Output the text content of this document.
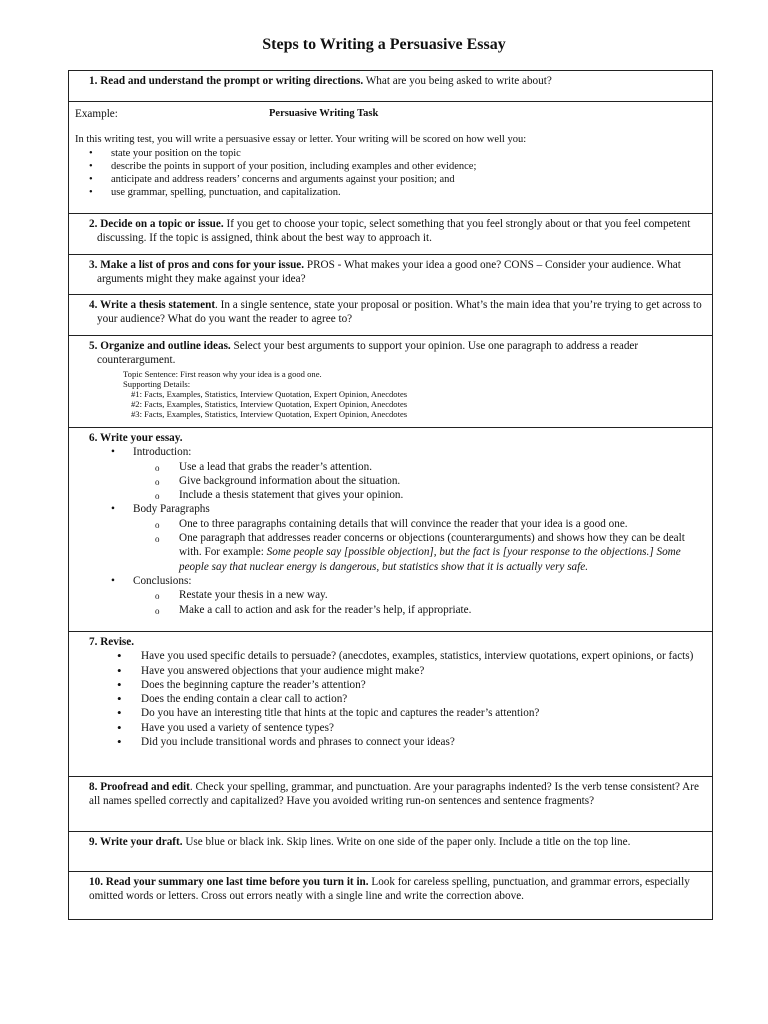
Steps to Writing a Persuasive Essay
1. Read and understand the prompt or writing directions. What are you being asked to write about?

Example:	Persuasive Writing Task
In this writing test, you will write a persuasive essay or letter. Your writing will be scored on how well you:
• state your position on the topic
• describe the points in support of your position, including examples and other evidence;
• anticipate and address readers’ concerns and arguments against your position; and
• use grammar, spelling, punctuation, and capitalization.

2. Decide on a topic or issue. If you get to choose your topic, select something that you feel strongly about or that you feel competent discussing. If the topic is assigned, think about the best way to approach it.

3. Make a list of pros and cons for your issue. PROS - What makes your idea a good one? CONS – Consider your audience. What arguments might they make against your idea?

4. Write a thesis statement. In a single sentence, state your proposal or position. What’s the main idea that you’re trying to get across to your audience? What do you want the reader to agree to?

5. Organize and outline ideas. Select your best arguments to support your opinion. Use one paragraph to address a reader counterargument.
Topic Sentence: First reason why your idea is a good one.
Supporting Details:
#1: Facts, Examples, Statistics, Interview Quotation, Expert Opinion, Anecdotes
#2: Facts, Examples, Statistics, Interview Quotation, Expert Opinion, Anecdotes
#3: Facts, Examples, Statistics, Interview Quotation, Expert Opinion, Anecdotes

6. Write your essay.
• Introduction:
o Use a lead that grabs the reader’s attention.
o Give background information about the situation.
o Include a thesis statement that gives your opinion.
• Body Paragraphs
o One to three paragraphs containing details that will convince the reader that your idea is a good one.
o One paragraph that addresses reader concerns or objections (counterarguments) and shows how they can be dealt with. For example: Some people say [possible objection], but the fact is [your response to the objections.] Some people say that nuclear energy is dangerous, but statistics show that it is actually very safe.
• Conclusions:
o Restate your thesis in a new way.
o Make a call to action and ask for the reader’s help, if appropriate.

7. Revise.
• Have you used specific details to persuade? (anecdotes, examples, statistics, interview quotations, expert opinions, or facts)
• Have you answered objections that your audience might make?
• Does the beginning capture the reader’s attention?
• Does the ending contain a clear call to action?
• Do you have an interesting title that hints at the topic and captures the reader’s attention?
• Have you used a variety of sentence types?
• Did you include transitional words and phrases to connect your ideas?

8. Proofread and edit. Check your spelling, grammar, and punctuation. Are your paragraphs indented? Is the verb tense consistent? Are all names spelled correctly and capitalized? Have you avoided writing run-on sentences and sentence fragments?

9. Write your draft. Use blue or black ink. Skip lines. Write on one side of the paper only. Include a title on the top line.

10. Read your summary one last time before you turn it in. Look for careless spelling, punctuation, and grammar errors, especially omitted words or letters. Cross out errors neatly with a single line and write the correction above.
